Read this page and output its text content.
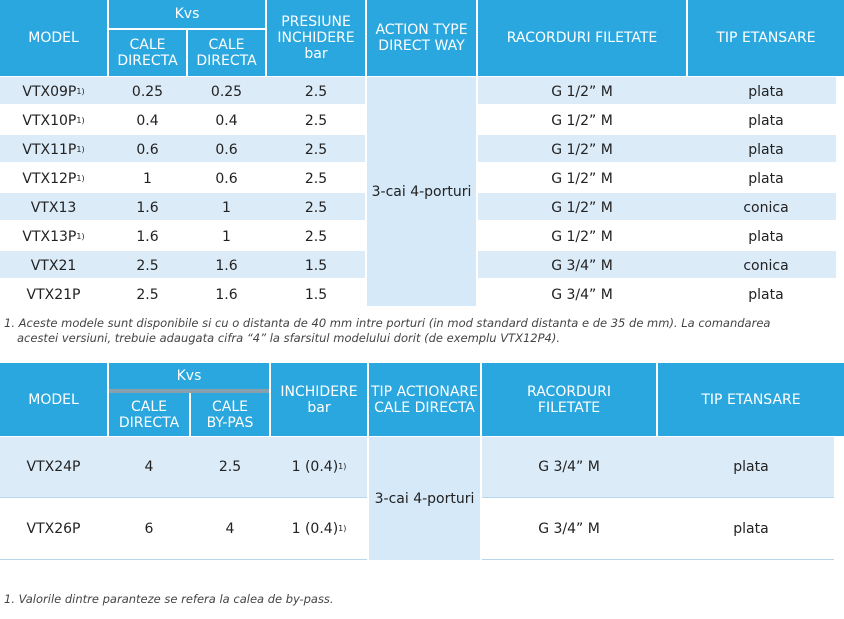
MODEL
Kvs
CALE DIRECTA
CALE DIRECTA
PRESIUNE INCHIDERE bar
ACTION TYPE DIRECT WAY	RACORDURI FILETATE	TIP ETANSARE
3-cai 4-porturi
VTX09P 1)	0.25	0.25	2.5	G 1/2” M	plata
VTX10P 1)	0.4	0.4	2.5	G 1/2” M	plata
VTX11P 1)	0.6	0.6	2.5	G 1/2” M	plata
VTX12P 1)	1	0.6	2.5	G 1/2” M	plata
VTX13	1.6	1	2.5	G 1/2” M	conica
VTX13P 1)	1.6	1	2.5	G 1/2” M	plata
VTX21	2.5	1.6	1.5	G 3/4” M	conica
VTX21P	2.5	1.6	1.5	G 3/4” M	plata
1. Aceste modele sunt disponibile si cu o distanta de 40 mm intre porturi (in mod standard distanta e de 35 de mm). La comandarea
acestei versiuni, trebuie adaugata cifra “4” la sfarsitul modelului dorit (de exemplu VTX12P4).
MODEL
Kvs
CALE DIRECTA
CALE BY-PAS
INCHIDERE bar
TIP ACTIONARE CALE DIRECTA
RACORDURI FILETATE	TIP ETANSARE
3-cai 4-porturi
VTX24P	4	2.5	1 (0.4) 1)	G 3/4” M	plata
VTX26P	6	4	1 (0.4) 1)	G 3/4” M	plata
1. Valorile dintre paranteze se refera la calea de by-pass.
